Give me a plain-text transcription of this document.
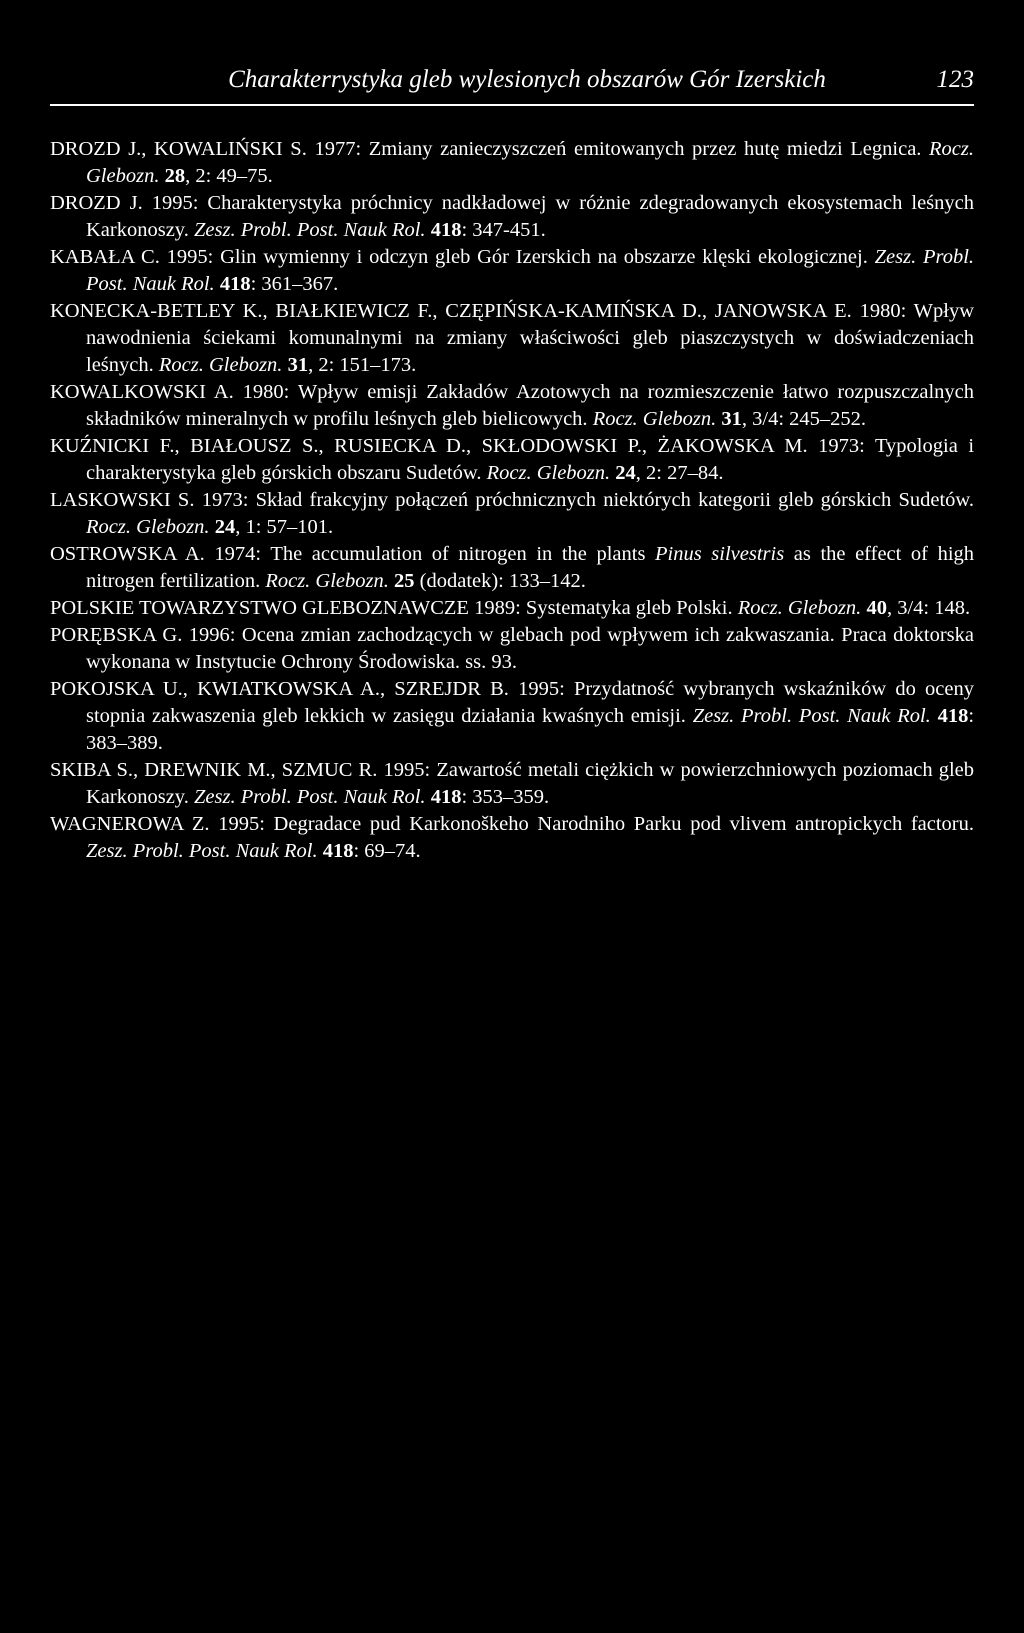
Charakterrystyka gleb wylesionych obszarów Gór Izerskich	123
DROZD J., KOWALIŃSKI S. 1977: Zmiany zanieczyszczeń emitowanych przez hutę miedzi Legnica. Rocz. Glebozn. 28, 2: 49–75.
DROZD J. 1995: Charakterystyka próchnicy nadkładowej w różnie zdegradowanych ekosystemach leśnych Karkonoszy. Zesz. Probl. Post. Nauk Rol. 418: 347-451.
KABAŁA C. 1995: Glin wymienny i odczyn gleb Gór Izerskich na obszarze klęski ekologicznej. Zesz. Probl. Post. Nauk Rol. 418: 361–367.
KONECKA-BETLEY K., BIAŁKIEWICZ F., CZĘPIŃSKA-KAMIŃSKA D., JANOWSKA E. 1980: Wpływ nawodnienia ściekami komunalnymi na zmiany właściwości gleb piaszczystych w doświadczeniach leśnych. Rocz. Glebozn. 31, 2: 151–173.
KOWALKOWSKI A. 1980: Wpływ emisji Zakładów Azotowych na rozmieszczenie łatwo rozpuszczalnych składników mineralnych w profilu leśnych gleb bielicowych. Rocz. Glebozn. 31, 3/4: 245–252.
KUŹNICKI F., BIAŁOUSZ S., RUSIECKA D., SKŁODOWSKI P., ŻAKOWSKA M. 1973: Typologia i charakterystyka gleb górskich obszaru Sudetów. Rocz. Glebozn. 24, 2: 27–84.
LASKOWSKI S. 1973: Skład frakcyjny połączeń próchnicznych niektórych kategorii gleb górskich Sudetów. Rocz. Glebozn. 24, 1: 57–101.
OSTROWSKA A. 1974: The accumulation of nitrogen in the plants Pinus silvestris as the effect of high nitrogen fertilization. Rocz. Glebozn. 25 (dodatek): 133–142.
POLSKIE TOWARZYSTWO GLEBOZNAWCZE 1989: Systematyka gleb Polski. Rocz. Glebozn. 40, 3/4: 148.
PORĘBSKA G. 1996: Ocena zmian zachodzących w glebach pod wpływem ich zakwaszania. Praca doktorska wykonana w Instytucie Ochrony Środowiska. ss. 93.
POKOJSKA U., KWIATKOWSKA A., SZREJDR B. 1995: Przydatność wybranych wskaźników do oceny stopnia zakwaszenia gleb lekkich w zasięgu działania kwaśnych emisji. Zesz. Probl. Post. Nauk Rol. 418: 383–389.
SKIBA S., DREWNIK M., SZMUC R. 1995: Zawartość metali ciężkich w powierzchniowych poziomach gleb Karkonoszy. Zesz. Probl. Post. Nauk Rol. 418: 353–359.
WAGNEROWA Z. 1995: Degradace pud Karkonoškeho Narodniho Parku pod vlivem antropickych factoru. Zesz. Probl. Post. Nauk Rol. 418: 69–74.
